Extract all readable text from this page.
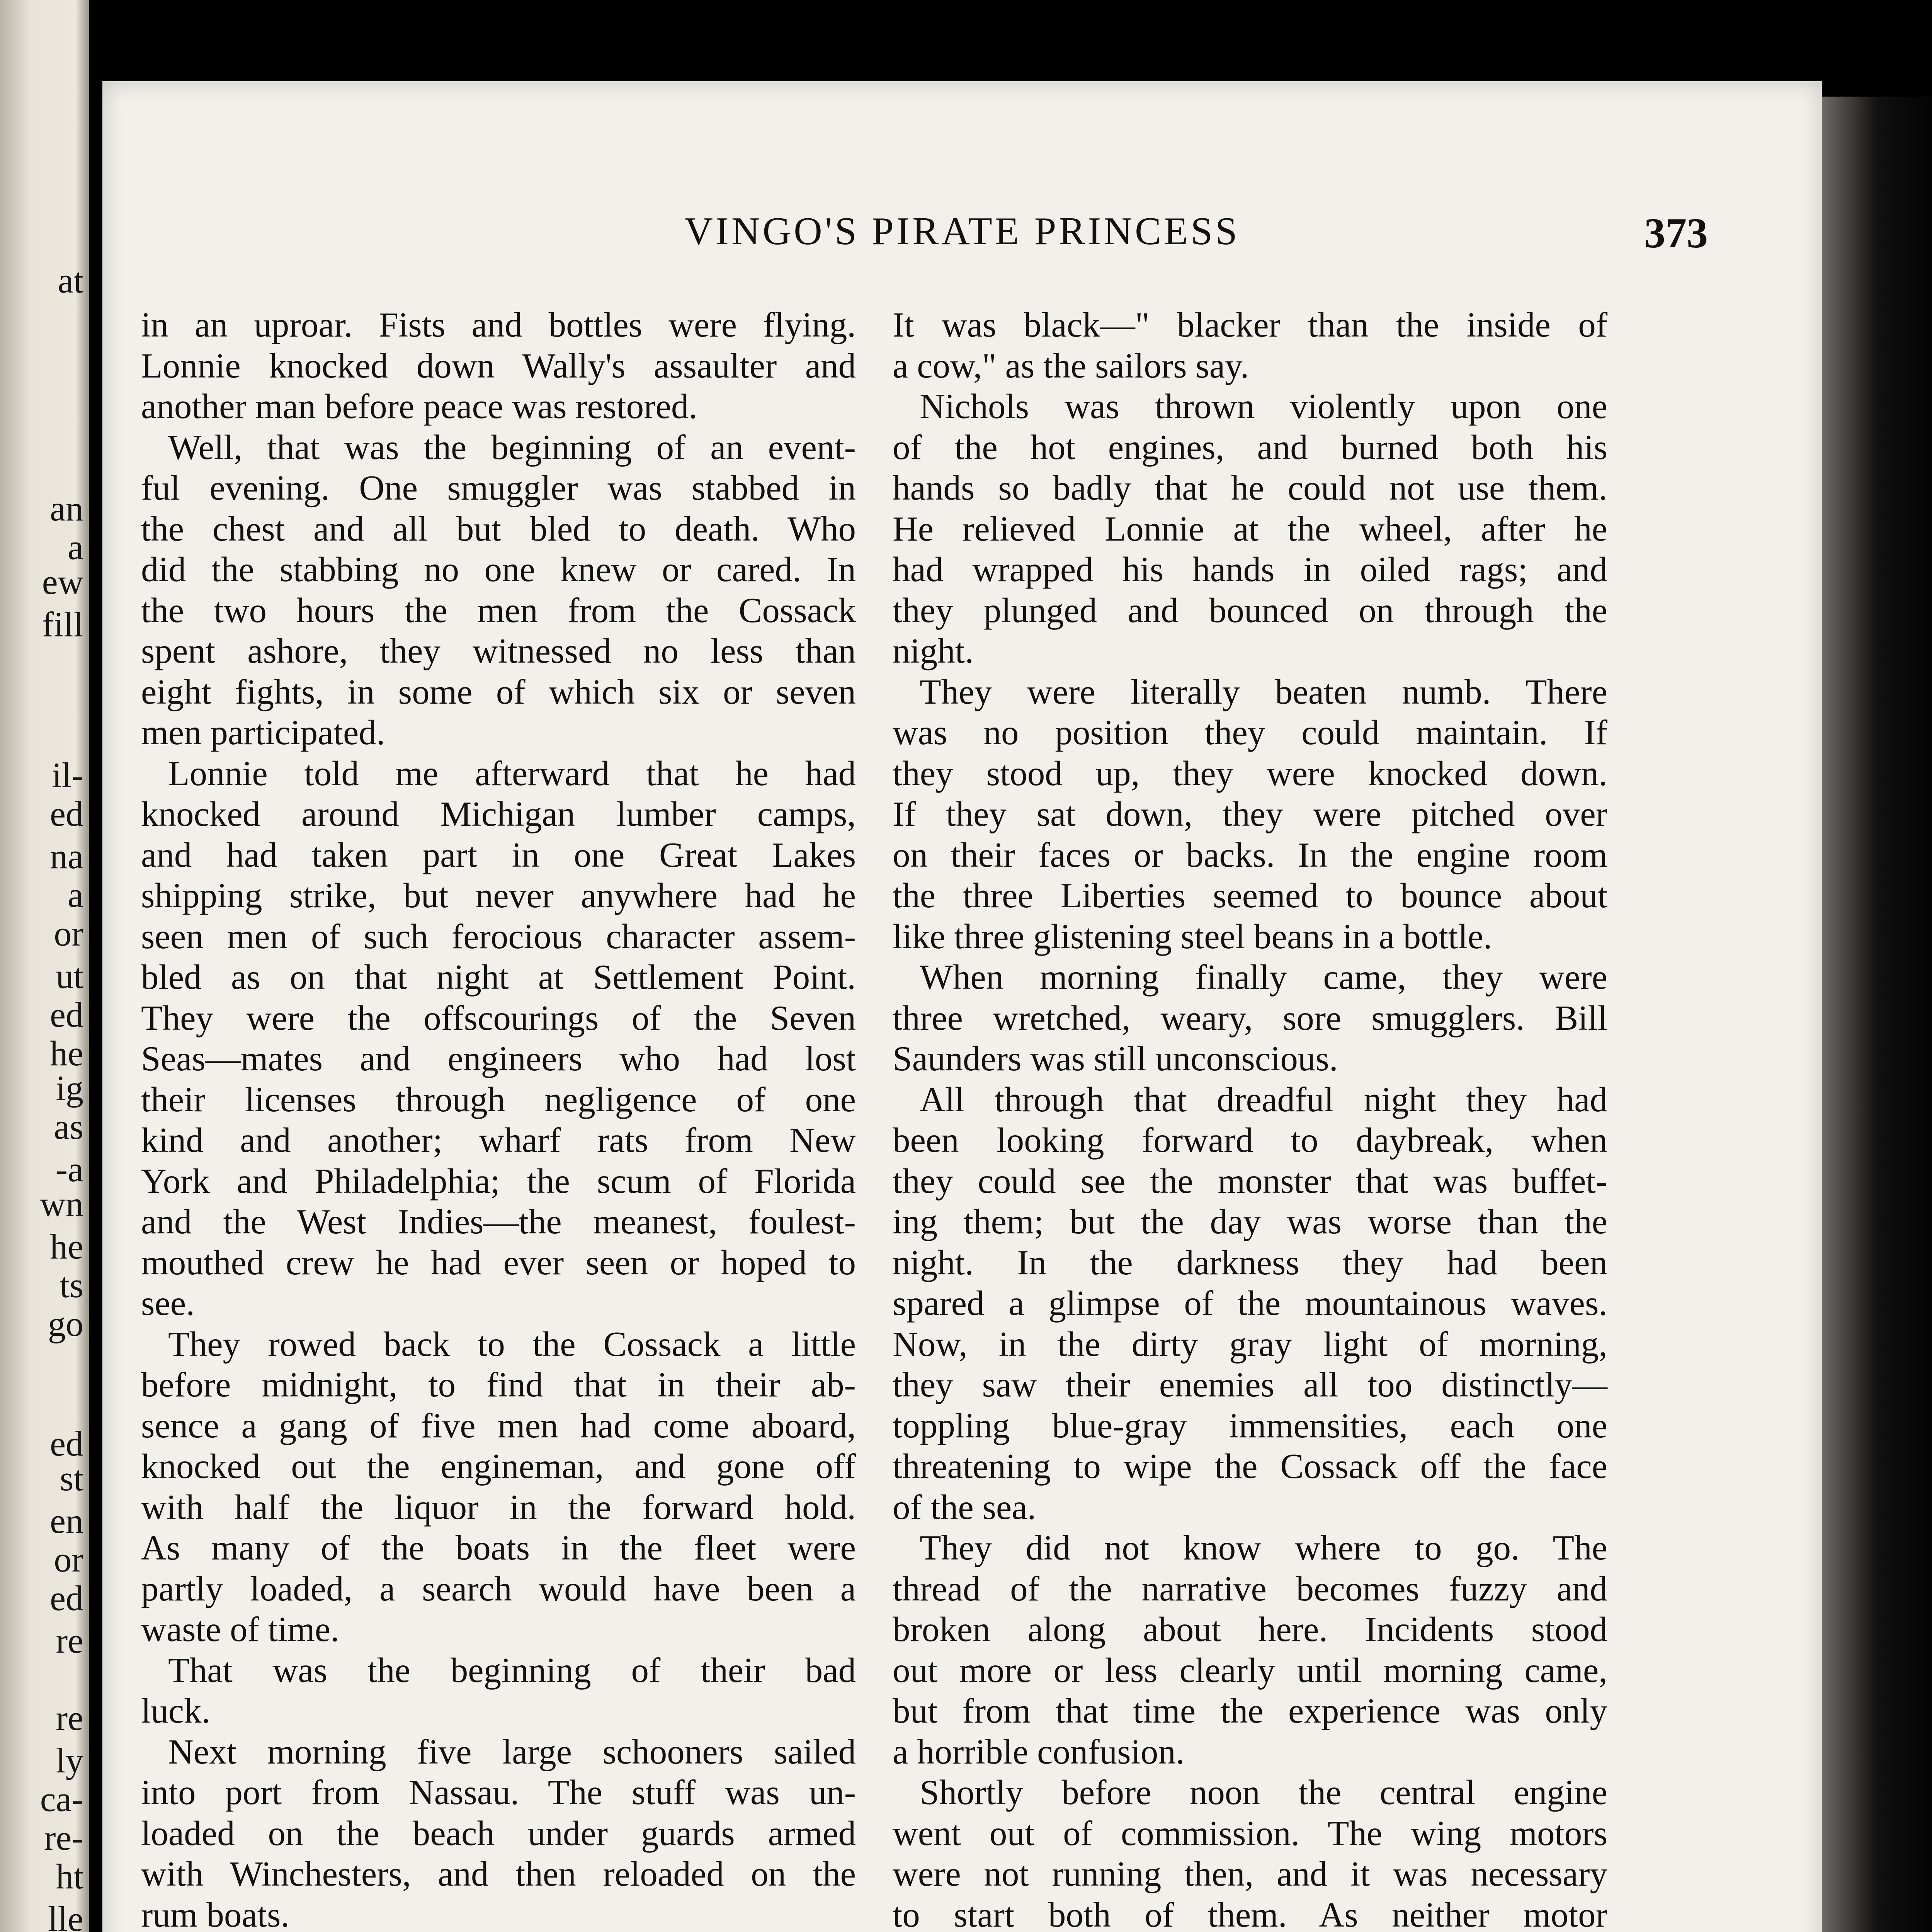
at
an
a
ew
fill
il-
ed
na
a
or
ut
ed
he
ig
as
-a
wn
he
ts
go
ed
st
en
or
ed
re
re
ly
ca-
re-
ht
lle
VINGO'S PIRATE PRINCESS	373
in an uproar. Fists and bottles were flying.
Lonnie knocked down Wally's assaulter and
another man before peace was restored.
Well, that was the beginning of an event-
ful evening. One smuggler was stabbed in
the chest and all but bled to death. Who
did the stabbing no one knew or cared. In
the two hours the men from the Cossack
spent ashore, they witnessed no less than
eight fights, in some of which six or seven
men participated.
Lonnie told me afterward that he had
knocked around Michigan lumber camps,
and had taken part in one Great Lakes
shipping strike, but never anywhere had he
seen men of such ferocious character assem-
bled as on that night at Settlement Point.
They were the offscourings of the Seven
Seas—mates and engineers who had lost
their licenses through negligence of one
kind and another; wharf rats from New
York and Philadelphia; the scum of Florida
and the West Indies—the meanest, foulest-
mouthed crew he had ever seen or hoped to
see.
They rowed back to the Cossack a little
before midnight, to find that in their ab-
sence a gang of five men had come aboard,
knocked out the engineman, and gone off
with half the liquor in the forward hold.
As many of the boats in the fleet were
partly loaded, a search would have been a
waste of time.
That was the beginning of their bad
luck.
Next morning five large schooners sailed
into port from Nassau. The stuff was un-
loaded on the beach under guards armed
with Winchesters, and then reloaded on the
rum boats.
It was black—" blacker than the inside of
a cow," as the sailors say.
Nichols was thrown violently upon one
of the hot engines, and burned both his
hands so badly that he could not use them.
He relieved Lonnie at the wheel, after he
had wrapped his hands in oiled rags; and
they plunged and bounced on through the
night.
They were literally beaten numb. There
was no position they could maintain. If
they stood up, they were knocked down.
If they sat down, they were pitched over
on their faces or backs. In the engine room
the three Liberties seemed to bounce about
like three glistening steel beans in a bottle.
When morning finally came, they were
three wretched, weary, sore smugglers. Bill
Saunders was still unconscious.
All through that dreadful night they had
been looking forward to daybreak, when
they could see the monster that was buffet-
ing them; but the day was worse than the
night. In the darkness they had been
spared a glimpse of the mountainous waves.
Now, in the dirty gray light of morning,
they saw their enemies all too distinctly—
toppling blue-gray immensities, each one
threatening to wipe the Cossack off the face
of the sea.
They did not know where to go. The
thread of the narrative becomes fuzzy and
broken along about here. Incidents stood
out more or less clearly until morning came,
but from that time the experience was only
a horrible confusion.
Shortly before noon the central engine
went out of commission. The wing motors
were not running then, and it was necessary
to start both of them. As neither motor
